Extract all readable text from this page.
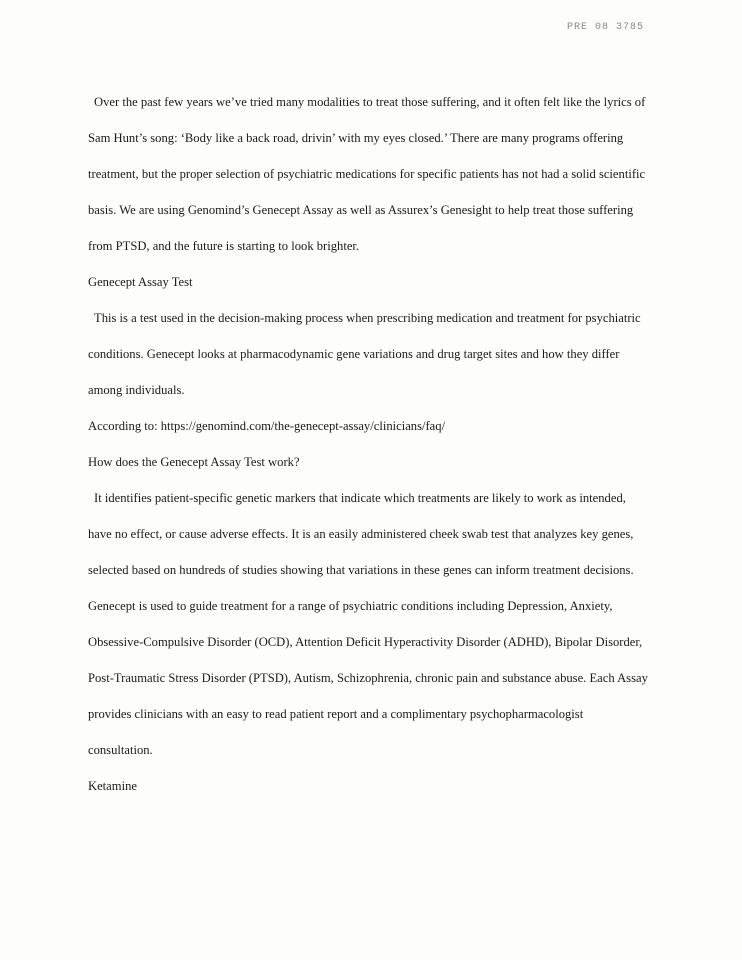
PRE 08 3785

Over the past few years we’ve tried many modalities to treat those suffering, and it often felt like the lyrics of Sam Hunt’s song: ‘Body like a back road, drivin’ with my eyes closed.’ There are many programs offering treatment, but the proper selection of psychiatric medications for specific patients has not had a solid scientific basis. We are using Genomind’s Genecept Assay as well as Assurex’s Genesight to help treat those suffering from PTSD, and the future is starting to look brighter.

Genecept Assay Test

This is a test used in the decision-making process when prescribing medication and treatment for psychiatric conditions. Genecept looks at pharmacodynamic gene variations and drug target sites and how they differ among individuals.

According to: https://genomind.com/the-genecept-assay/clinicians/faq/

How does the Genecept Assay Test work?

It identifies patient-specific genetic markers that indicate which treatments are likely to work as intended, have no effect, or cause adverse effects. It is an easily administered cheek swab test that analyzes key genes, selected based on hundreds of studies showing that variations in these genes can inform treatment decisions. Genecept is used to guide treatment for a range of psychiatric conditions including Depression, Anxiety, Obsessive-Compulsive Disorder (OCD), Attention Deficit Hyperactivity Disorder (ADHD), Bipolar Disorder, Post-Traumatic Stress Disorder (PTSD), Autism, Schizophrenia, chronic pain and substance abuse. Each Assay provides clinicians with an easy to read patient report and a complimentary psychopharmacologist consultation.

Ketamine
